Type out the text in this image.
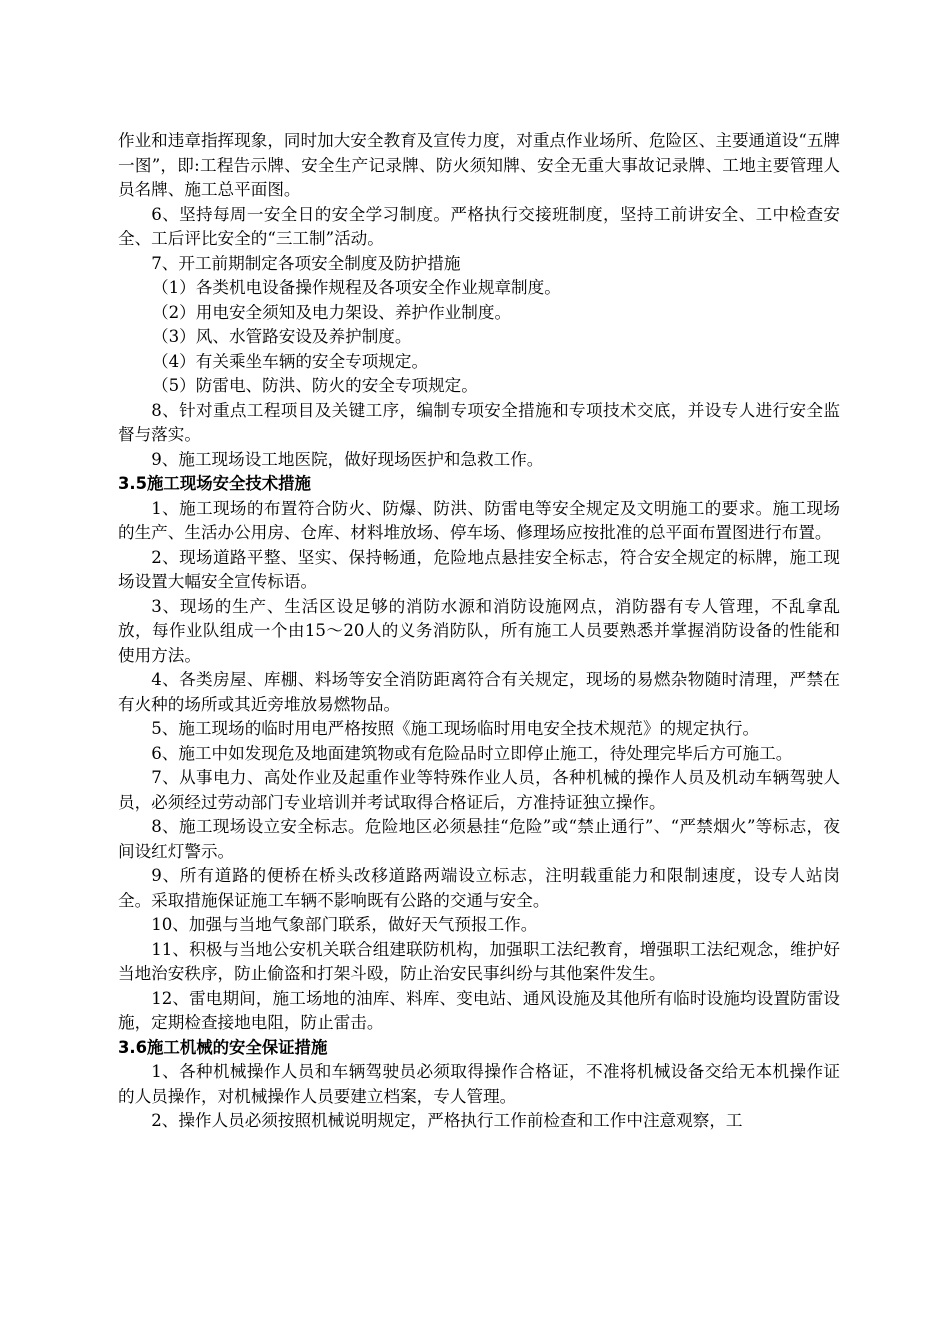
作业和违章指挥现象，同时加大安全教育及宣传力度，对重点作业场所、危险区、主要通道设“五牌一图”，即:工程告示牌、安全生产记录牌、防火须知牌、安全无重大事故记录牌、工地主要管理人员名牌、施工总平面图。

6、坚持每周一安全日的安全学习制度。严格执行交接班制度，坚持工前讲安全、工中检查安全、工后评比安全的“三工制”活动。

7、开工前期制定各项安全制度及防护措施

（1）各类机电设备操作规程及各项安全作业规章制度。

（2）用电安全须知及电力架设、养护作业制度。

（3）风、水管路安设及养护制度。

（4）有关乘坐车辆的安全专项规定。

（5）防雷电、防洪、防火的安全专项规定。

8、针对重点工程项目及关键工序，编制专项安全措施和专项技术交底，并设专人进行安全监督与落实。

9、施工现场设工地医院，做好现场医护和急救工作。

3.5施工现场安全技术措施

1、施工现场的布置符合防火、防爆、防洪、防雷电等安全规定及文明施工的要求。施工现场的生产、生活办公用房、仓库、材料堆放场、停车场、修理场应按批准的总平面布置图进行布置。

2、现场道路平整、坚实、保持畅通，危险地点悬挂安全标志，符合安全规定的标牌，施工现场设置大幅安全宣传标语。

3、现场的生产、生活区设足够的消防水源和消防设施网点，消防器有专人管理，不乱拿乱放，每作业队组成一个由15～20人的义务消防队，所有施工人员要熟悉并掌握消防设备的性能和使用方法。

4、各类房屋、库棚、料场等安全消防距离符合有关规定，现场的易燃杂物随时清理，严禁在有火种的场所或其近旁堆放易燃物品。

5、施工现场的临时用电严格按照《施工现场临时用电安全技术规范》的规定执行。

6、施工中如发现危及地面建筑物或有危险品时立即停止施工，待处理完毕后方可施工。

7、从事电力、高处作业及起重作业等特殊作业人员，各种机械的操作人员及机动车辆驾驶人员，必须经过劳动部门专业培训并考试取得合格证后，方准持证独立操作。

8、施工现场设立安全标志。危险地区必须悬挂“危险”或“禁止通行”、“严禁烟火”等标志，夜间设红灯警示。

9、所有道路的便桥在桥头改移道路两端设立标志，注明载重能力和限制速度，设专人站岗全。采取措施保证施工车辆不影响既有公路的交通与安全。

10、加强与当地气象部门联系，做好天气预报工作。

11、积极与当地公安机关联合组建联防机构，加强职工法纪教育，增强职工法纪观念，维护好当地治安秩序，防止偷盗和打架斗殴，防止治安民事纠纷与其他案件发生。

12、雷电期间，施工场地的油库、料库、变电站、通风设施及其他所有临时设施均设置防雷设施，定期检查接地电阻，防止雷击。

3.6施工机械的安全保证措施

1、各种机械操作人员和车辆驾驶员必须取得操作合格证，不准将机械设备交给无本机操作证的人员操作，对机械操作人员要建立档案，专人管理。

2、操作人员必须按照机械说明规定，严格执行工作前检查和工作中注意观察，工
